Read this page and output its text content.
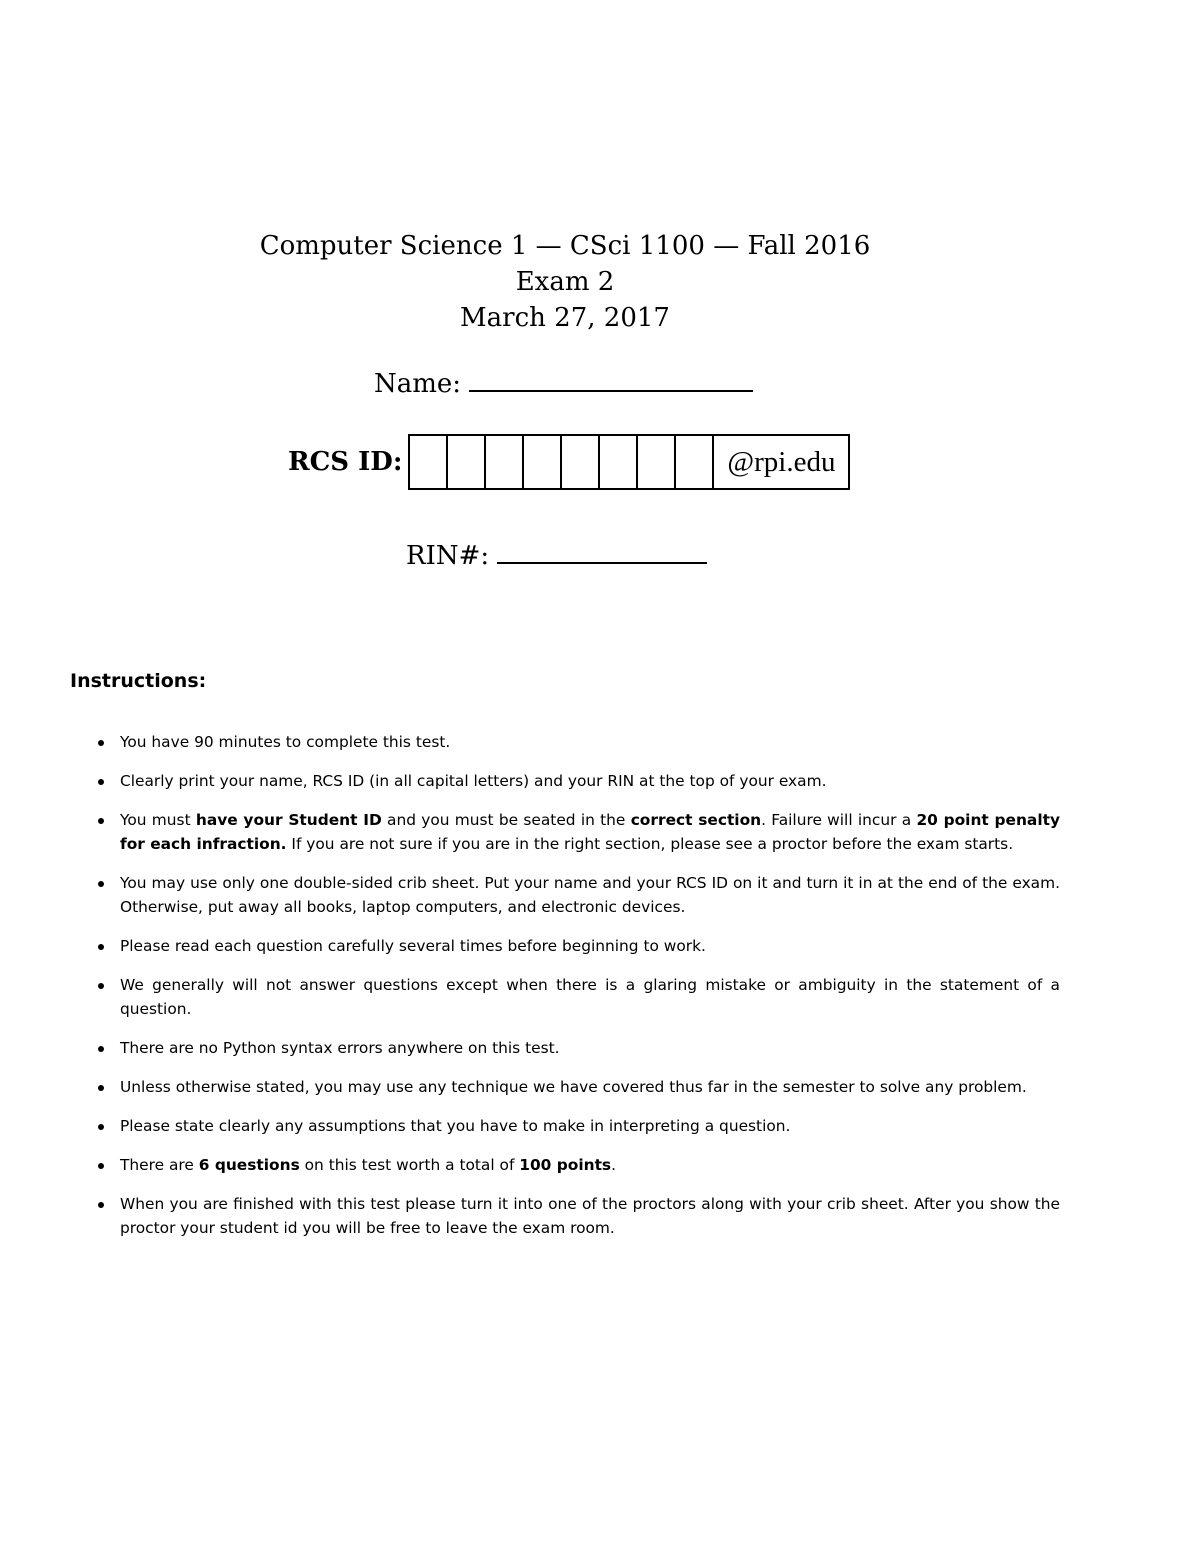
Computer Science 1 — CSci 1100 — Fall 2016
Exam 2
March 27, 2017
Name:
RCS ID:	@rpi.edu
RIN#:
Instructions:
You have 90 minutes to complete this test.
Clearly print your name, RCS ID (in all capital letters) and your RIN at the top of your exam.
You must have your Student ID and you must be seated in the correct section. Failure will incur a 20 point penalty for each infraction. If you are not sure if you are in the right section, please see a proctor before the exam starts.
You may use only one double-sided crib sheet. Put your name and your RCS ID on it and turn it in at the end of the exam. Otherwise, put away all books, laptop computers, and electronic devices.
Please read each question carefully several times before beginning to work.
We generally will not answer questions except when there is a glaring mistake or ambiguity in the statement of a question.
There are no Python syntax errors anywhere on this test.
Unless otherwise stated, you may use any technique we have covered thus far in the semester to solve any problem.
Please state clearly any assumptions that you have to make in interpreting a question.
There are 6 questions on this test worth a total of 100 points.
When you are finished with this test please turn it into one of the proctors along with your crib sheet. After you show the proctor your student id you will be free to leave the exam room.
